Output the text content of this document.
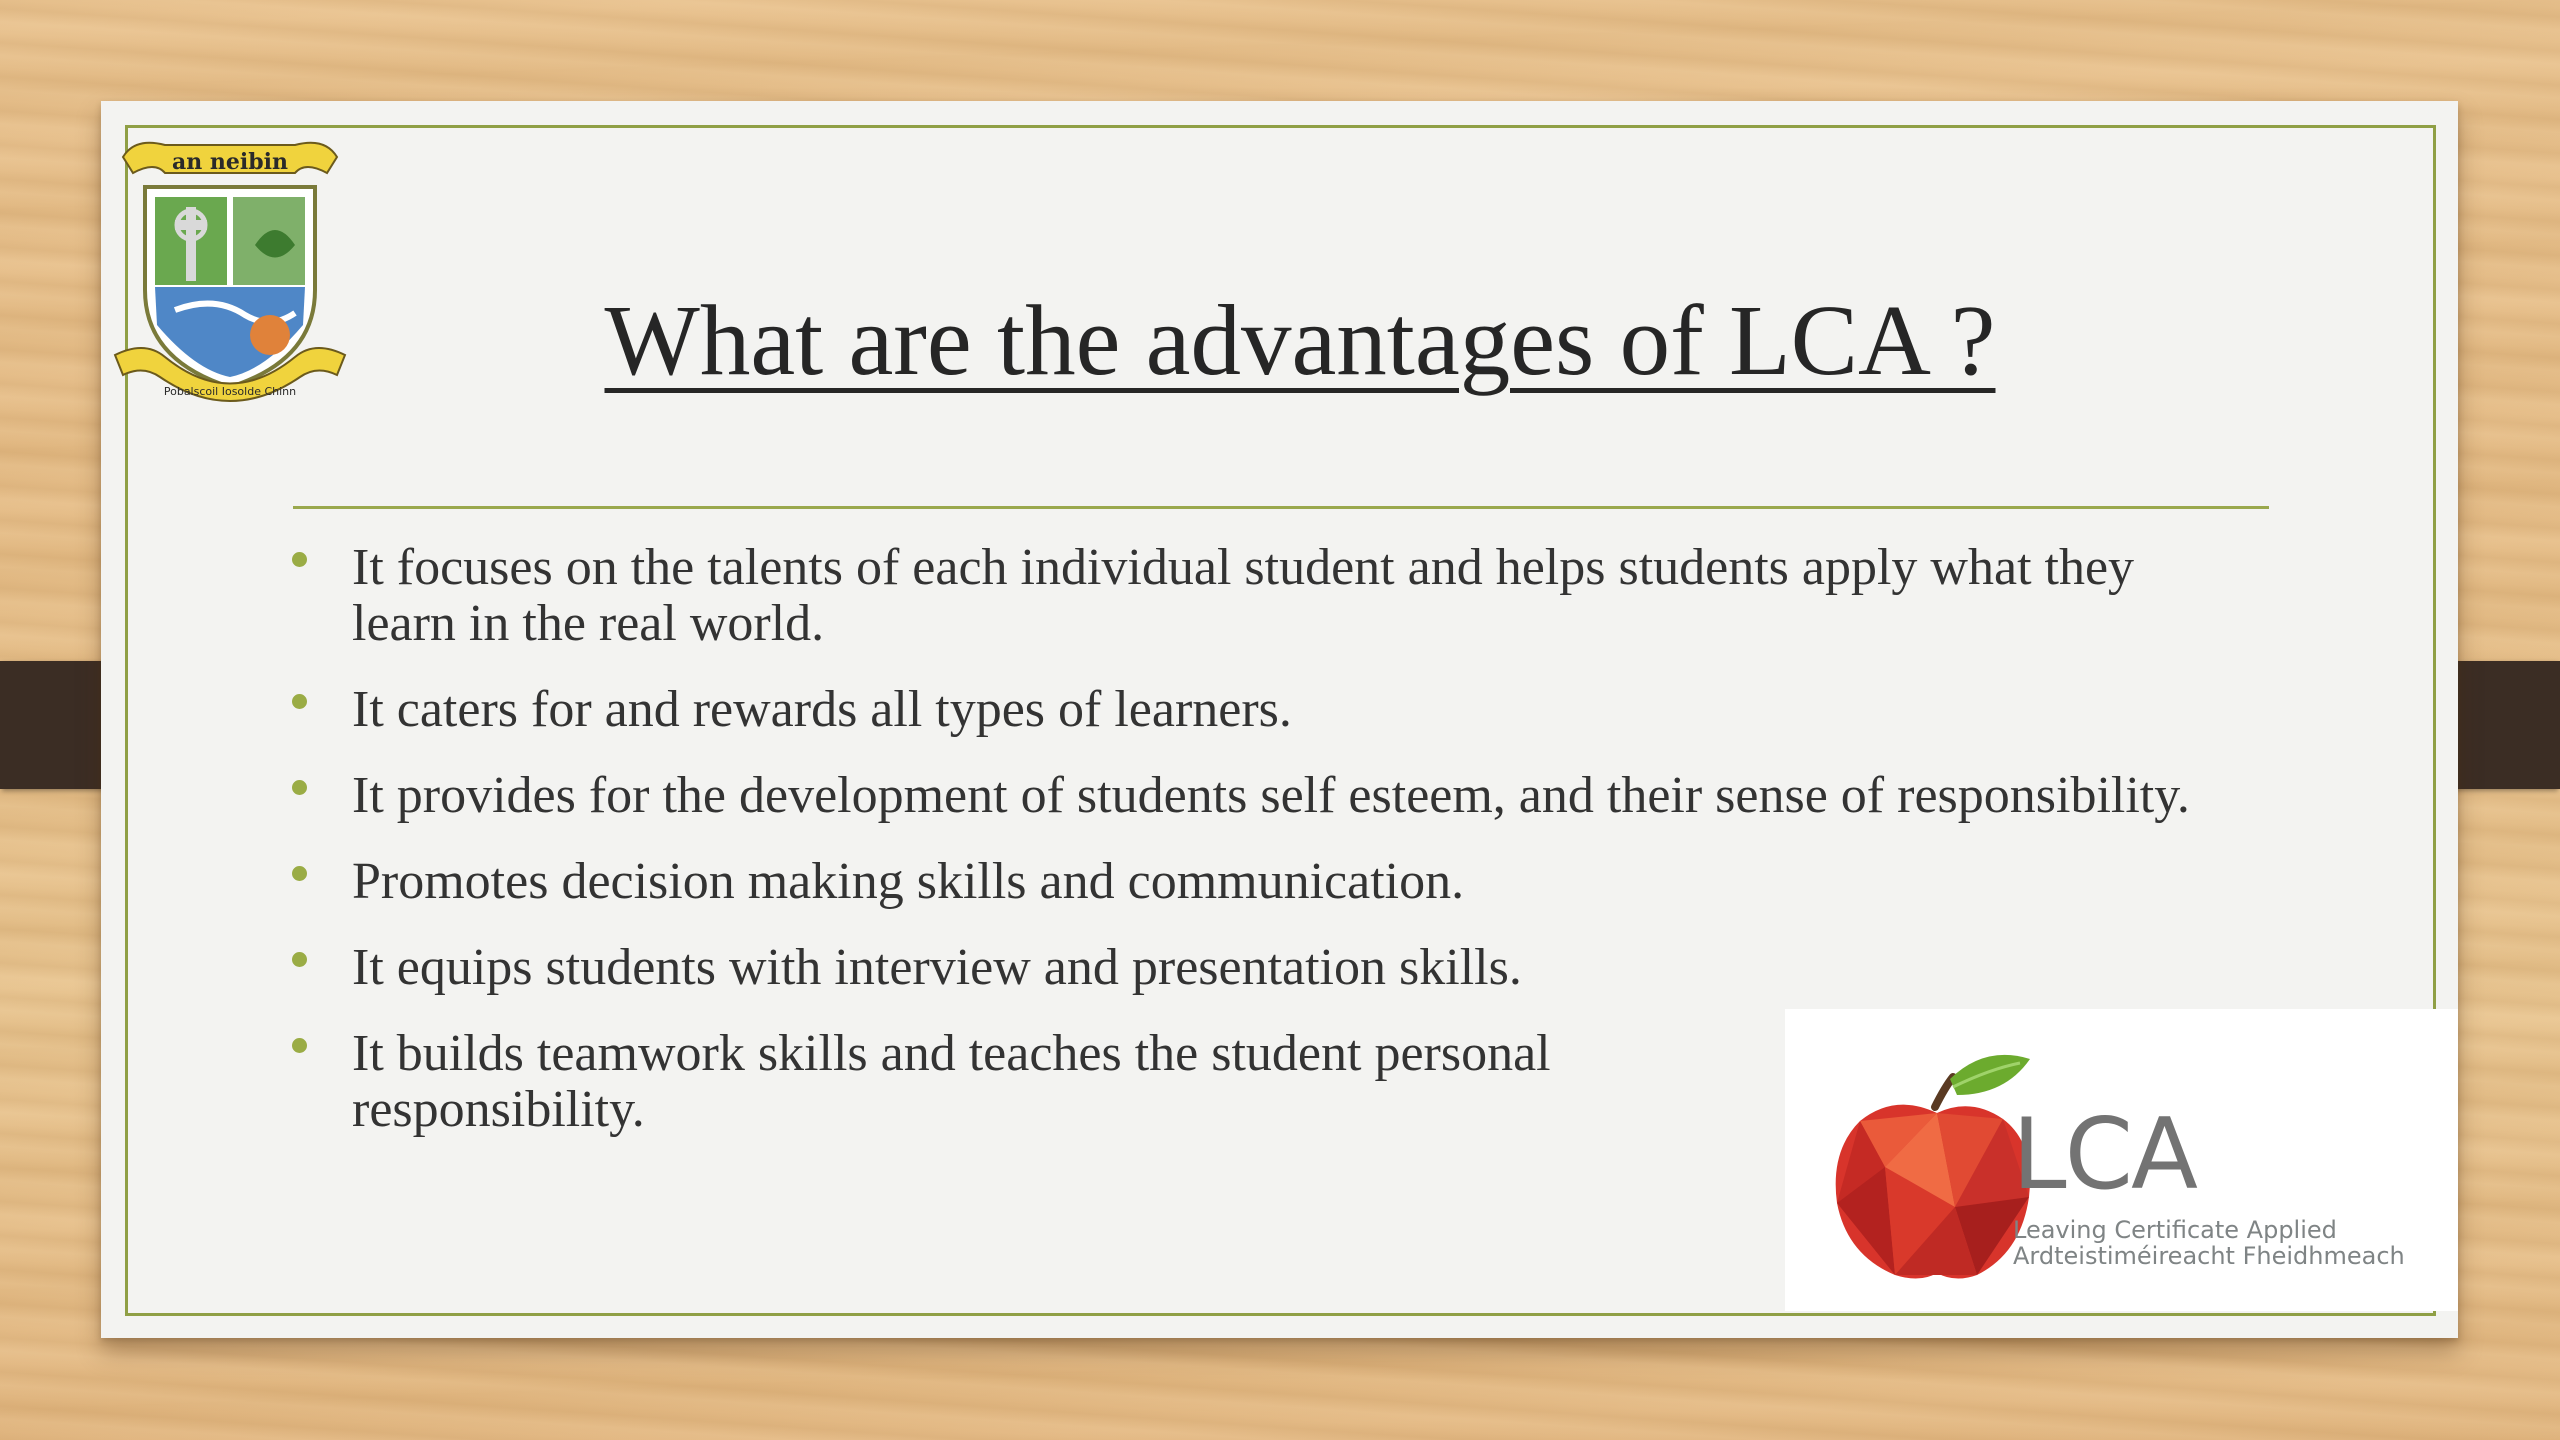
an neibin
Pobalscoil Iosolde Chinn	What are the advantages of LCA ?
It focuses on the talents of each individual student and helps students apply what they learn in the real world.
It caters for and rewards all types of learners.
It provides for the development of students self esteem, and their sense of responsibility.
Promotes decision making skills and communication.
It equips students with interview and presentation skills.
It builds teamwork skills and teaches the student personal responsibility.	LCA
Leaving Certificate Applied
Ardteistiméireacht Fheidhmeach
